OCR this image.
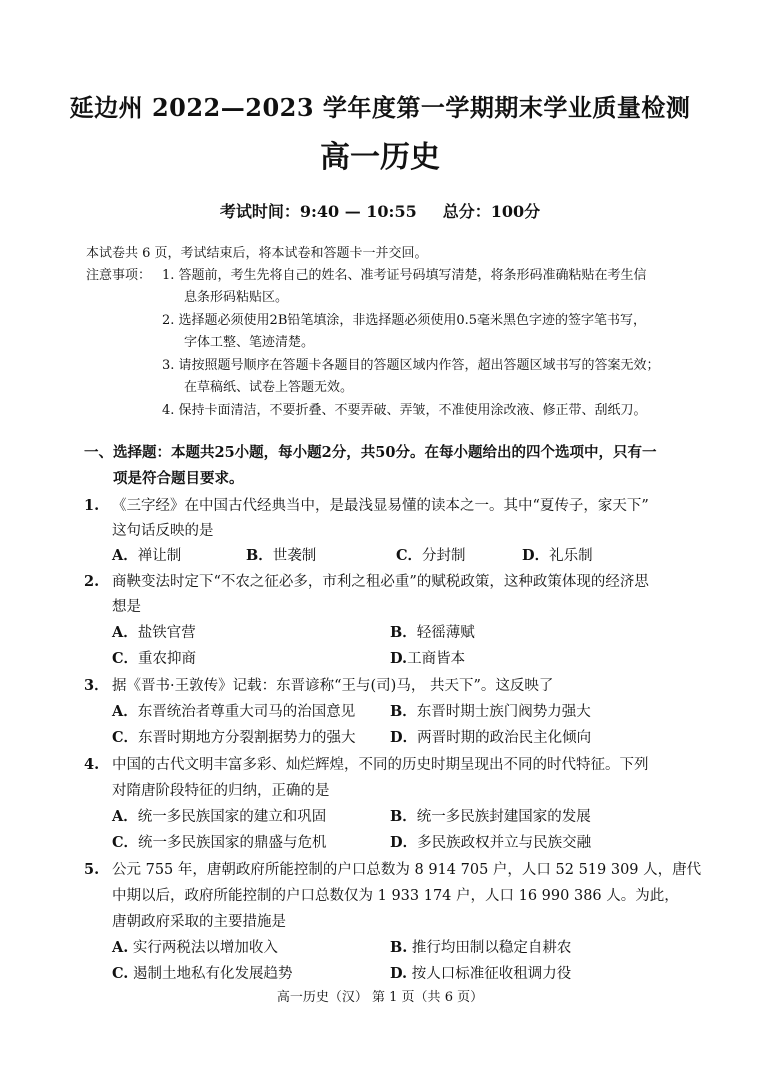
延边州 2022—2023 学年度第一学期期末学业质量检测
高一历史
考试时间：9:40 — 10:55 总分：100分
本试卷共 6 页，考试结束后，将本试卷和答题卡一并交回。
注意事项： 1. 答题前，考生先将自己的姓名、准考证号码填写清楚，将条形码准确粘贴在考生信
息条形码粘贴区。
2. 选择题必须使用2B铅笔填涂，非选择题必须使用0.5毫米黑色字迹的签字笔书写，
字体工整、笔迹清楚。
3. 请按照题号顺序在答题卡各题目的答题区域内作答，超出答题区域书写的答案无效；
在草稿纸、试卷上答题无效。
4. 保持卡面清洁，不要折叠、不要弄破、弄皱，不准使用涂改液、修正带、刮纸刀。
一、选择题：本题共25小题，每小题2分，共50分。在每小题给出的四个选项中，只有一
项是符合题目要求。
1. 《三字经》在中国古代经典当中，是最浅显易懂的读本之一。其中“夏传子，家天下”
这句话反映的是
A．禅让制	B．世袭制	C．分封制	D．礼乐制
2. 商鞅变法时定下“不农之征必多，市利之租必重”的赋税政策，这种政策体现的经济思
想是
A．盐铁官营	B．轻徭薄赋
C．重农抑商	D.工商皆本
3． 据《晋书·王敦传》记载：东晋谚称“王与(司)马， 共天下”。这反映了
A．东晋统治者尊重大司马的治国意见 B．东晋时期士族门阀势力强大
C．东晋时期地方分裂割据势力的强大 D．两晋时期的政治民主化倾向
4. 中国的古代文明丰富多彩、灿烂辉煌，不同的历史时期呈现出不同的时代特征。下列
对隋唐阶段特征的归纳，正确的是
A．统一多民族国家的建立和巩固	B．统一多民族封建国家的发展
C．统一多民族国家的鼎盛与危机	D．多民族政权并立与民族交融
5. 公元 755 年，唐朝政府所能控制的户口总数为 8 914 705 户，人口 52 519 309 人，唐代
中期以后，政府所能控制的户口总数仅为 1 933 174 户，人口 16 990 386 人。为此，
唐朝政府采取的主要措施是
A. 实行两税法以增加收入	B. 推行均田制以稳定自耕农
C. 遏制土地私有化发展趋势	D. 按人口标准征收租调力役
高一历史（汉） 第 1 页（共 6 页）
